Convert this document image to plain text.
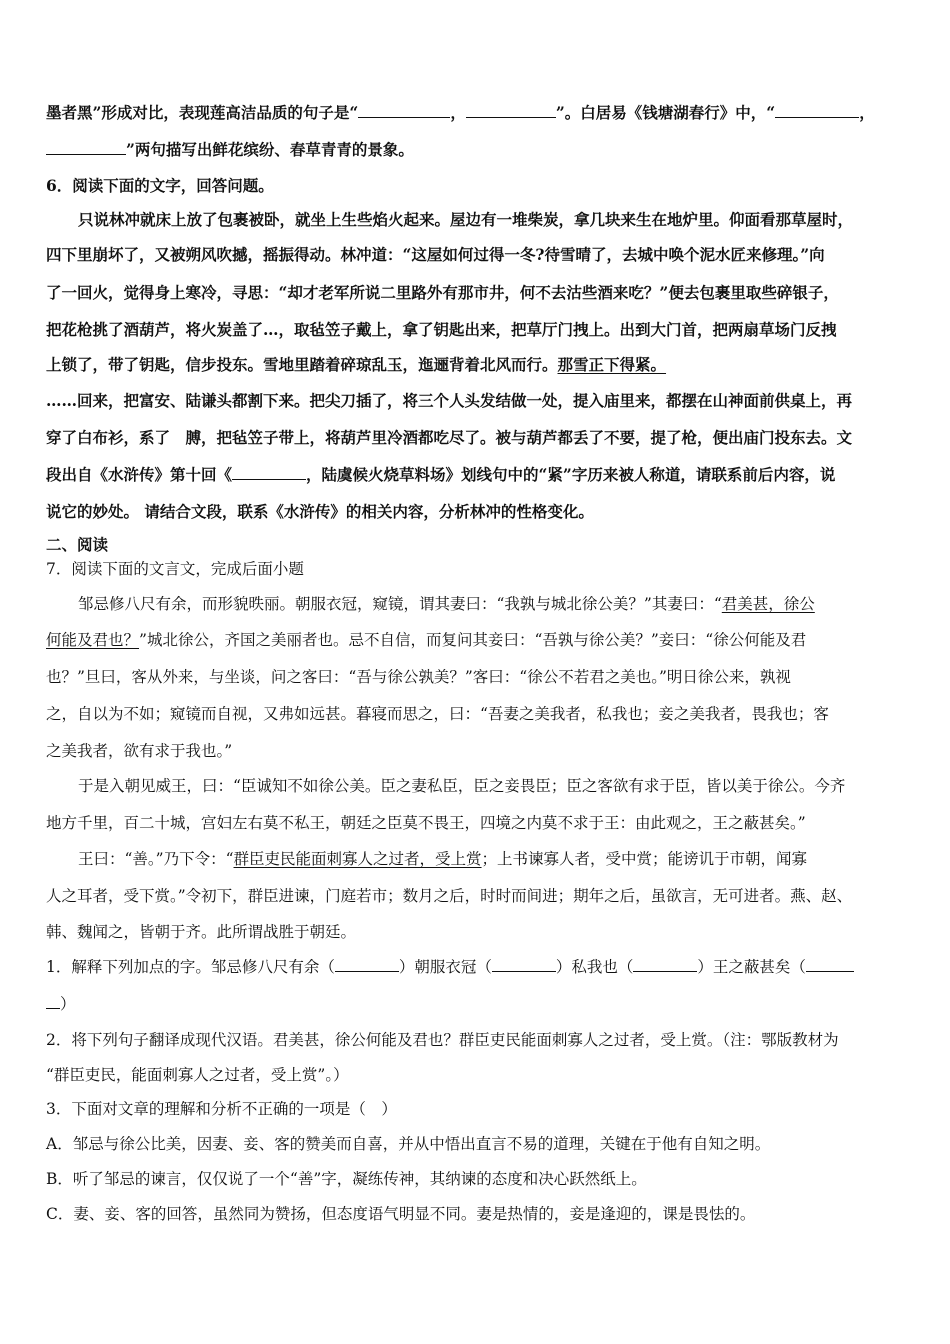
墨者黑”形成对比，表现莲高洁品质的句子是“	，	”。白居易《钱塘湖春行》中，“	，
”两句描写出鲜花缤纷、春草青青的景象。
6．阅读下面的文字，回答问题。
只说林冲就床上放了包裹被卧，就坐上生些焰火起来。屋边有一堆柴炭，拿几块来生在地炉里。仰面看那草屋时，
四下里崩坏了，又被朔风吹撼，摇振得动。林冲道：“这屋如何过得一冬?待雪晴了，去城中唤个泥水匠来修理。”向
了一回火，觉得身上寒冷，寻思：“却才老军所说二里路外有那市井，何不去沽些酒来吃？”便去包裹里取些碎银子，
把花枪挑了酒葫芦，将火炭盖了…，取毡笠子戴上，拿了钥匙出来，把草厅门拽上。出到大门首，把两扇草场门反拽
上锁了，带了钥匙，信步投东。雪地里踏着碎琼乱玉，迤逦背着北风而行。那雪正下得紧。
……回来，把富安、陆谦头都割下来。把尖刀插了，将三个人头发结做一处，提入庙里来，都摆在山神面前供桌上，再
穿了白布衫，系了　膊，把毡笠子带上，将葫芦里冷酒都吃尽了。被与葫芦都丢了不要，提了枪，便出庙门投东去。文
段出自《水浒传》第十回《	，陆虞候火烧草料场》划线句中的“紧”字历来被人称道，请联系前后内容，说
说它的妙处。 请结合文段，联系《水浒传》的相关内容，分析林冲的性格变化。
二、阅读
7．阅读下面的文言文，完成后面小题
邹忌修八尺有余，而形貌昳丽。朝服衣冠，窥镜，谓其妻曰：“我孰与城北徐公美？”其妻曰：“君美甚，徐公
何能及君也？”城北徐公，齐国之美丽者也。忌不自信，而复问其妾曰：“吾孰与徐公美？”妾曰：“徐公何能及君
也？”旦曰，客从外来，与坐谈，问之客曰：“吾与徐公孰美？”客曰：“徐公不若君之美也。”明日徐公来，孰视
之，自以为不如；窥镜而自视，又弗如远甚。暮寝而思之，曰：“吾妻之美我者，私我也；妾之美我者，畏我也；客
之美我者，欲有求于我也。”
于是入朝见威王，曰：“臣诚知不如徐公美。臣之妻私臣，臣之妾畏臣；臣之客欲有求于臣，皆以美于徐公。今齐
地方千里，百二十城，宫妇左右莫不私王，朝廷之臣莫不畏王，四境之内莫不求于王：由此观之，王之蔽甚矣。”
王曰：“善。”乃下令：“群臣吏民能面刺寡人之过者，受上赏；上书谏寡人者，受中赏；能谤讥于市朝，闻寡
人之耳者，受下赏。”令初下，群臣进谏，门庭若市；数月之后，时时而间进；期年之后，虽欲言，无可进者。燕、赵、
韩、魏闻之，皆朝于齐。此所谓战胜于朝廷。
1．解释下列加点的字。邹忌修八尺有余（	）朝服衣冠（	）私我也（	）王之蔽甚矣（
）
2．将下列句子翻译成现代汉语。君美甚，徐公何能及君也？群臣吏民能面刺寡人之过者，受上赏。（注：鄂版教材为
“群臣吏民，能面刺寡人之过者，受上赏”。）
3．下面对文章的理解和分析不正确的一项是（　）
A．邹忌与徐公比美，因妻、妾、客的赞美而自喜，并从中悟出直言不易的道理，关键在于他有自知之明。
B．听了邹忌的谏言，仅仅说了一个“善”字，凝练传神，其纳谏的态度和决心跃然纸上。
C．妻、妾、客的回答，虽然同为赞扬，但态度语气明显不同。妻是热情的，妾是逢迎的，课是畏怯的。
